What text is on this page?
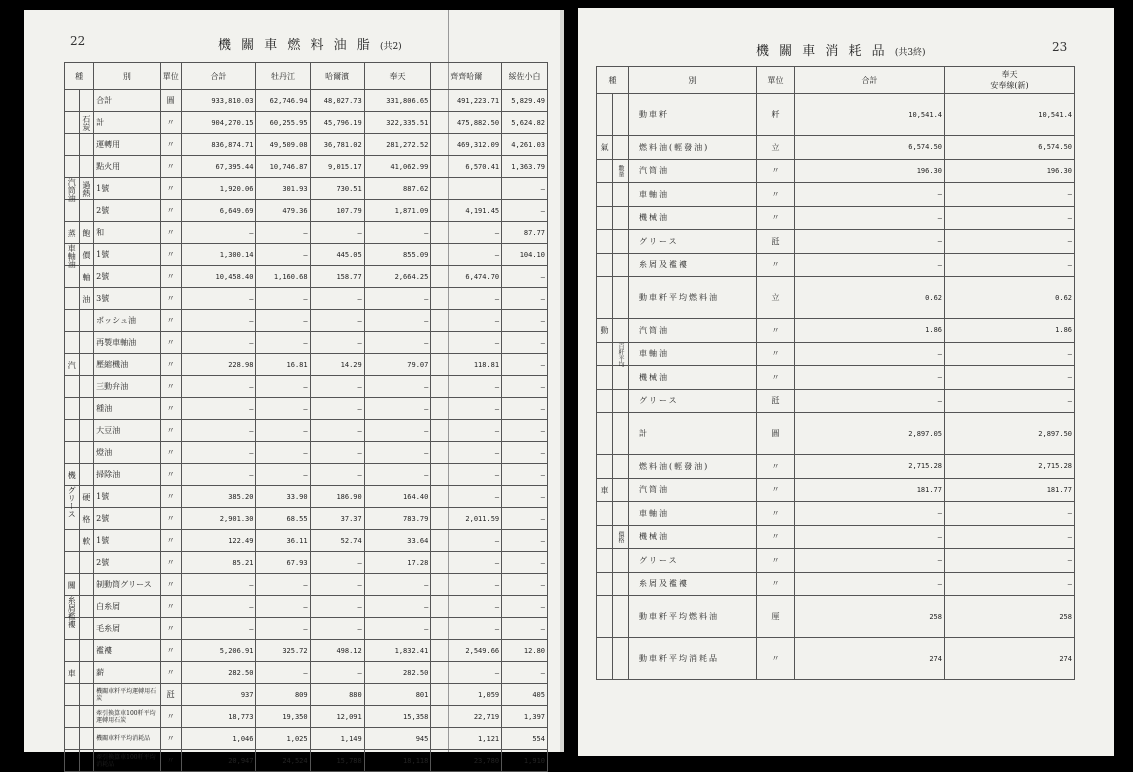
22	機 關 車 燃 料 油 脂 (共2)
種		別	單位	合計	牡丹江	哈爾濱	奉天	齊齊哈爾	綏佐小白
		合計	圓	933,810.03	62,746.94	48,027.73	331,806.65	491,223.71	5,829.49
	石炭	計	〃	904,270.15	60,255.95	45,796.19	322,335.51	475,882.50	5,624.82
		運轉用	〃	836,874.71	49,509.08	36,781.02	281,272.52	469,312.09	4,261.03
		點火用	〃	67,395.44	10,746.87	9,015.17	41,062.99	6,570.41	1,363.79
汽筒油	過熱	1號	〃	1,920.06	301.93	730.51	887.62		—
		2號	〃	6,649.69	479.36	107.79	1,871.09	4,191.45	—
蒸	飽	和	〃	—	—	—	—	—	87.77
車軸油	價	1號	〃	1,300.14	—	445.05	855.09	—	104.10
	軸	2號	〃	10,458.40	1,160.68	158.77	2,664.25	6,474.70	—
	油	3號	〃	—	—	—	—	—	—
		ボッシュ油	〃	—	—	—	—	—	—
		再製車軸油	〃	—	—	—	—	—	—
汽		壓縮機油	〃	228.98	16.81	14.29	79.07	118.81	—
		三動弁油	〃	—	—	—	—	—	—
		種油	〃	—	—	—	—	—	—
		大豆油	〃	—	—	—	—	—	—
		燈油	〃	—	—	—	—	—	—
機		掃除油	〃	—	—	—	—	—	—
グリース	硬	1號	〃	385.20	33.90	186.90	164.40	—	—
	格	2號	〃	2,901.30	68.55	37.37	783.79	2,011.59	—
	軟	1號	〃	122.49	36.11	52.74	33.64	—	—
		2號	〃	85.21	67.93	—	17.28	—	—
關		制動筒グリース	〃	—	—	—	—	—	—
糸屑襤褸		白糸屑	〃	—	—	—	—	—	—
		毛糸屑	〃	—	—	—	—	—	—
		襤褸	〃	5,206.91	325.72	498.12	1,832.41	2,549.66	12.80
車		薪	〃	282.50	—	—	282.50	—	—
		機關車粁平均運轉用石炭	瓩	937	809	880	801	1,059	405
		牽引換算車100粁平均運轉用石炭	〃	18,773	19,350	12,091	15,358	22,719	1,397
		機關車粁平均消耗品	〃	1,046	1,025	1,149	945	1,121	554
		牽引換算車100粁平均消耗品	〃	20,947	24,524	15,788	18,118	23,780	1,910
機 關 車 消 耗 品 (共3終)	23
種		別	單位	合計	奉天
安奉線(新)
		動車粁	粁	10,541.4	10,541.4
氣		燃料油(輕發油)	立	6,574.50	6,574.50
	數量	汽筒油	〃	196.30	196.30
		車軸油	〃	—	—
		機械油	〃	—	—
		グリース	瓩	—	—
		糸屑及襤褸	〃	—	—
		動車粁平均燃料油	立	0.62	0.62
動		汽筒油	〃	1.86	1.86
	百粁平均	車軸油	〃	—	—
		機械油	〃	—	—
		グリース	瓩	—	—
		計	圓	2,897.05	2,897.50
		燃料油(輕發油)	〃	2,715.28	2,715.28
車		汽筒油	〃	181.77	181.77
		車軸油	〃	—	—
	價格	機械油	〃	—	—
		グリース	〃	—	—
		糸屑及襤褸	〃	—	—
		動車粁平均燃料油	厘	258	258
		動車粁平均消耗品	〃	274	274
